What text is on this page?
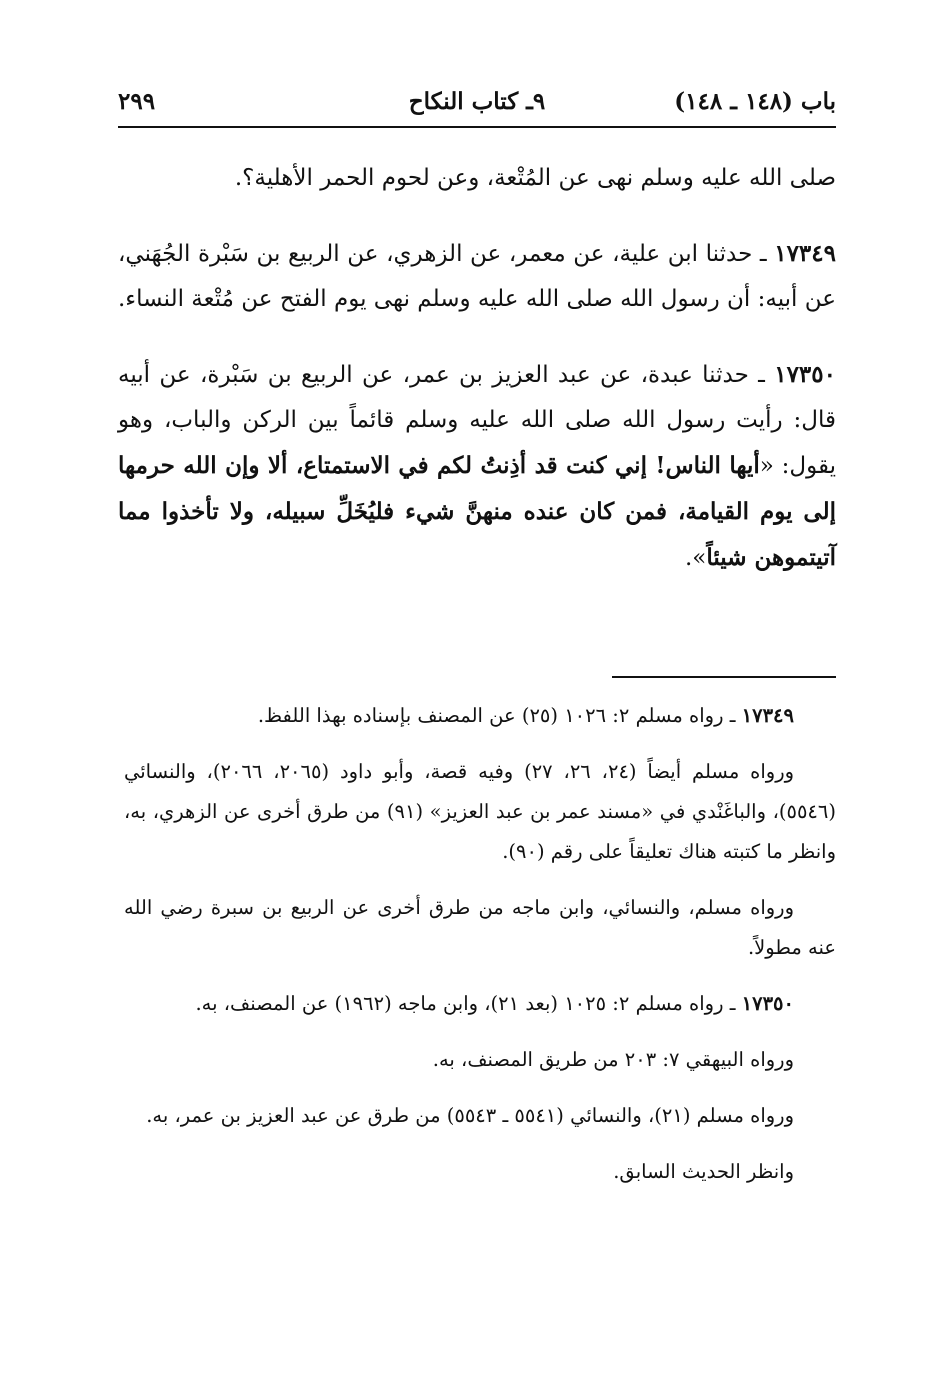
باب (١٤٨ ـ ١٤٨)
٩ـ كتاب النكاح
٢٩٩

صلى الله عليه وسلم نهى عن المُتْعة، وعن لحوم الحمر الأهلية؟.

١٧٣٤٩ ـ حدثنا ابن علية، عن معمر، عن الزهري، عن الربيع بن سَبْرة الجُهَني، عن أبيه: أن رسول الله صلى الله عليه وسلم نهى يوم الفتح عن مُتْعة النساء.

١٧٣٥٠ ـ حدثنا عبدة، عن عبد العزيز بن عمر، عن الربيع بن سَبْرة، عن أبيه قال: رأيت رسول الله صلى الله عليه وسلم قائماً بين الركن والباب، وهو يقول: «أيها الناس! إني كنت قد أذِنتُ لكم في الاستمتاع، ألا وإن الله حرمها إلى يوم القيامة، فمن كان عنده منهنَّ شيء فليُخَلِّ سبيله، ولا تأخذوا مما آتيتموهن شيئاً».

١٧٣٤٩ ـ رواه مسلم ٢: ١٠٢٦ (٢٥) عن المصنف بإسناده بهذا اللفظ.

ورواه مسلم أيضاً (٢٤، ٢٦، ٢٧) وفيه قصة، وأبو داود (٢٠٦٥، ٢٠٦٦)، والنسائي (٥٥٤٦)، والباغَنْدي في «مسند عمر بن عبد العزيز» (٩١) من طرق أخرى عن الزهري، به، وانظر ما كتبته هناك تعليقاً على رقم (٩٠).

ورواه مسلم، والنسائي، وابن ماجه من طرق أخرى عن الربيع بن سبرة رضي الله عنه مطولاً.

١٧٣٥٠ ـ رواه مسلم ٢: ١٠٢٥ (بعد ٢١)، وابن ماجه (١٩٦٢) عن المصنف، به.

ورواه البيهقي ٧: ٢٠٣ من طريق المصنف، به.

ورواه مسلم (٢١)، والنسائي (٥٥٤١ ـ ٥٥٤٣) من طرق عن عبد العزيز بن عمر، به.

وانظر الحديث السابق.
